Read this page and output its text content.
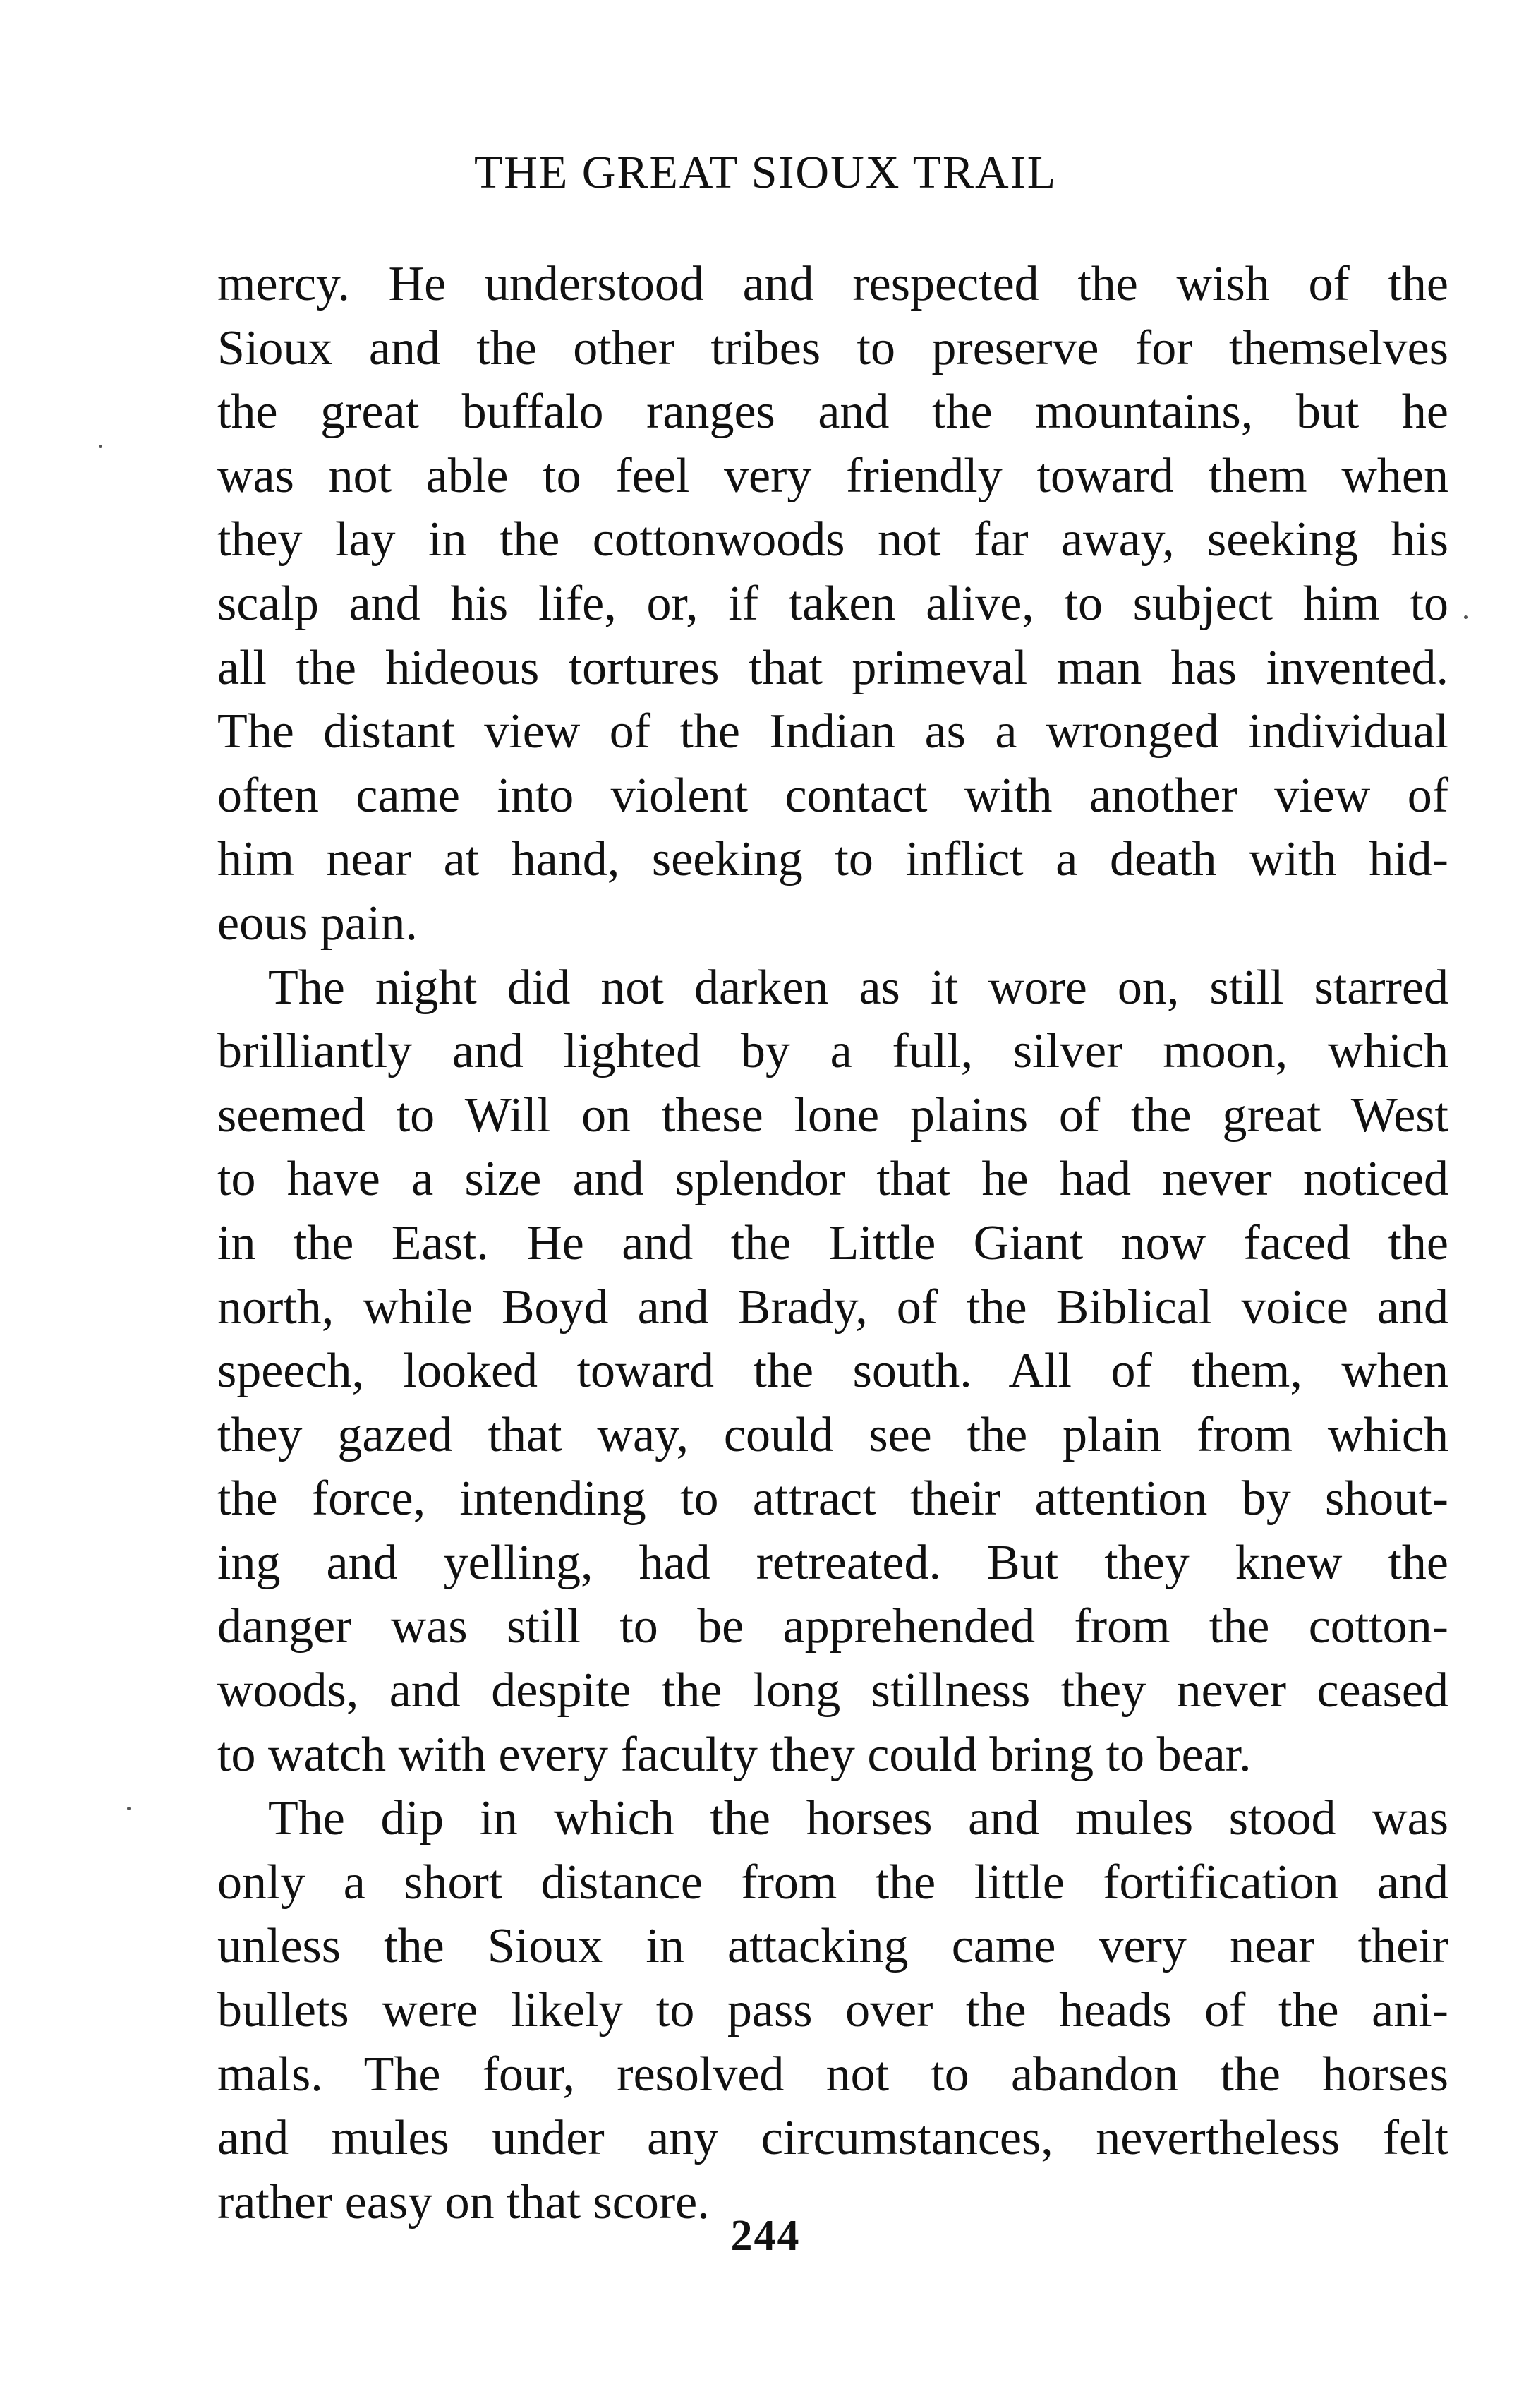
THE GREAT SIOUX TRAIL
mercy. He understood and respected the wish of the
Sioux and the other tribes to preserve for themselves
the great buffalo ranges and the mountains, but he
was not able to feel very friendly toward them when
they lay in the cottonwoods not far away, seeking his
scalp and his life, or, if taken alive, to subject him to
all the hideous tortures that primeval man has invented.
The distant view of the Indian as a wronged individual
often came into violent contact with another view of
him near at hand, seeking to inflict a death with hid-
eous pain.
The night did not darken as it wore on, still starred
brilliantly and lighted by a full, silver moon, which
seemed to Will on these lone plains of the great West
to have a size and splendor that he had never noticed
in the East. He and the Little Giant now faced the
north, while Boyd and Brady, of the Biblical voice and
speech, looked toward the south. All of them, when
they gazed that way, could see the plain from which
the force, intending to attract their attention by shout-
ing and yelling, had retreated. But they knew the
danger was still to be apprehended from the cotton-
woods, and despite the long stillness they never ceased
to watch with every faculty they could bring to bear.
The dip in which the horses and mules stood was
only a short distance from the little fortification and
unless the Sioux in attacking came very near their
bullets were likely to pass over the heads of the ani-
mals. The four, resolved not to abandon the horses
and mules under any circumstances, nevertheless felt
rather easy on that score.
244
